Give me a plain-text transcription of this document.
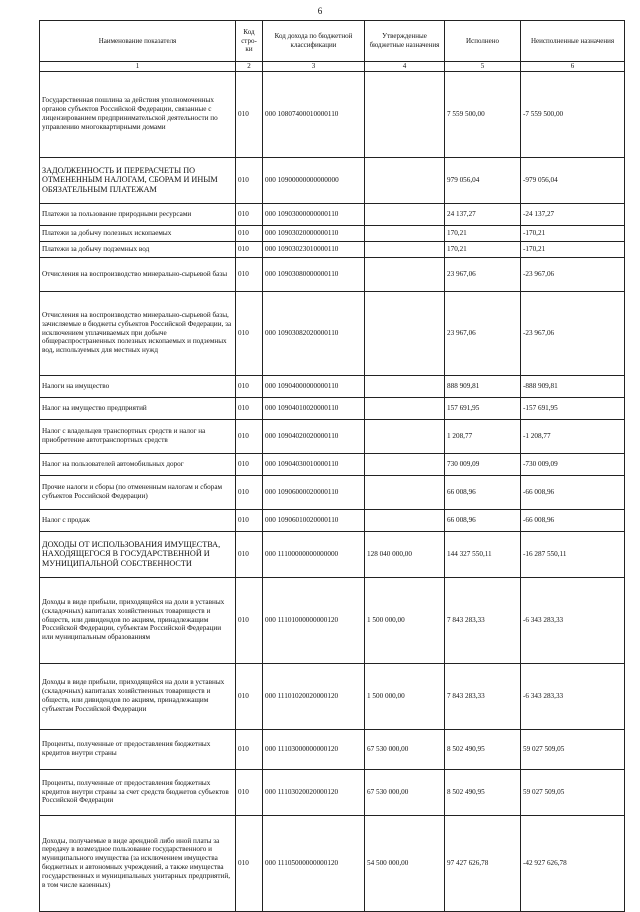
6
Наименование показателя	Код стро-ки	Код дохода по бюджетной классификации	Утвержденные бюджетные назначения	Исполнено	Неисполненные назначения
1	2	3	4	5	6
Государственная пошлина за действия уполномоченных органов субъектов Российской Федерации, связанные с лицензированием предпринимательской деятельности по управлению многоквартирными домами	010	000 10807400010000110		7 559 500,00	-7 559 500,00
ЗАДОЛЖЕННОСТЬ И ПЕРЕРАСЧЕТЫ ПО ОТМЕНЕННЫМ НАЛОГАМ, СБОРАМ И ИНЫМ ОБЯЗАТЕЛЬНЫМ ПЛАТЕЖАМ	010	000 10900000000000000		979 056,04	-979 056,04
Платежи за пользование природными ресурсами	010	000 10903000000000110		24 137,27	-24 137,27
Платежи за добычу полезных ископаемых	010	000 10903020000000110		170,21	-170,21
Платежи за добычу подземных вод	010	000 10903023010000110		170,21	-170,21
Отчисления на воспроизводство минерально-сырьевой базы	010	000 10903080000000110		23 967,06	-23 967,06
Отчисления на воспроизводство минерально-сырьевой базы, зачисляемые в бюджеты субъектов Российской Федерации, за исключением уплачиваемых при добыче общераспространенных полезных ископаемых и подземных вод, используемых для местных нужд	010	000 10903082020000110		23 967,06	-23 967,06
Налоги на имущество	010	000 10904000000000110		888 909,81	-888 909,81
Налог на имущество предприятий	010	000 10904010020000110		157 691,95	-157 691,95
Налог с владельцев транспортных средств и налог на приобретение автотранспортных средств	010	000 10904020020000110		1 208,77	-1 208,77
Налог на пользователей автомобильных дорог	010	000 10904030010000110		730 009,09	-730 009,09
Прочие налоги и сборы (по отмененным налогам и сборам субъектов Российской Федерации)	010	000 10906000020000110		66 008,96	-66 008,96
Налог с продаж	010	000 10906010020000110		66 008,96	-66 008,96
ДОХОДЫ ОТ ИСПОЛЬЗОВАНИЯ ИМУЩЕСТВА, НАХОДЯЩЕГОСЯ В ГОСУДАРСТВЕННОЙ И МУНИЦИПАЛЬНОЙ СОБСТВЕННОСТИ	010	000 11100000000000000	128 040 000,00	144 327 550,11	-16 287 550,11
Доходы в виде прибыли, приходящейся на доли в уставных (складочных) капиталах хозяйственных товариществ и обществ, или дивидендов по акциям, принадлежащим Российской Федерации, субъектам Российской Федерации или муниципальным образованиям	010	000 11101000000000120	1 500 000,00	7 843 283,33	-6 343 283,33
Доходы в виде прибыли, приходящейся на доли в уставных (складочных) капиталах хозяйственных товариществ и обществ, или дивидендов по акциям, принадлежащим субъектам Российской Федерации	010	000 11101020020000120	1 500 000,00	7 843 283,33	-6 343 283,33
Проценты, полученные от предоставления бюджетных кредитов внутри страны	010	000 11103000000000120	67 530 000,00	8 502 490,95	59 027 509,05
Проценты, полученные от предоставления бюджетных кредитов внутри страны за счет средств бюджетов субъектов Российской Федерации	010	000 11103020020000120	67 530 000,00	8 502 490,95	59 027 509,05
Доходы, получаемые в виде арендной либо иной платы за передачу в возмездное пользование государственного и муниципального имущества (за исключением имущества бюджетных и автономных учреждений, а также имущества государственных и муниципальных унитарных предприятий, в том числе казенных)	010	000 11105000000000120	54 500 000,00	97 427 626,78	-42 927 626,78
